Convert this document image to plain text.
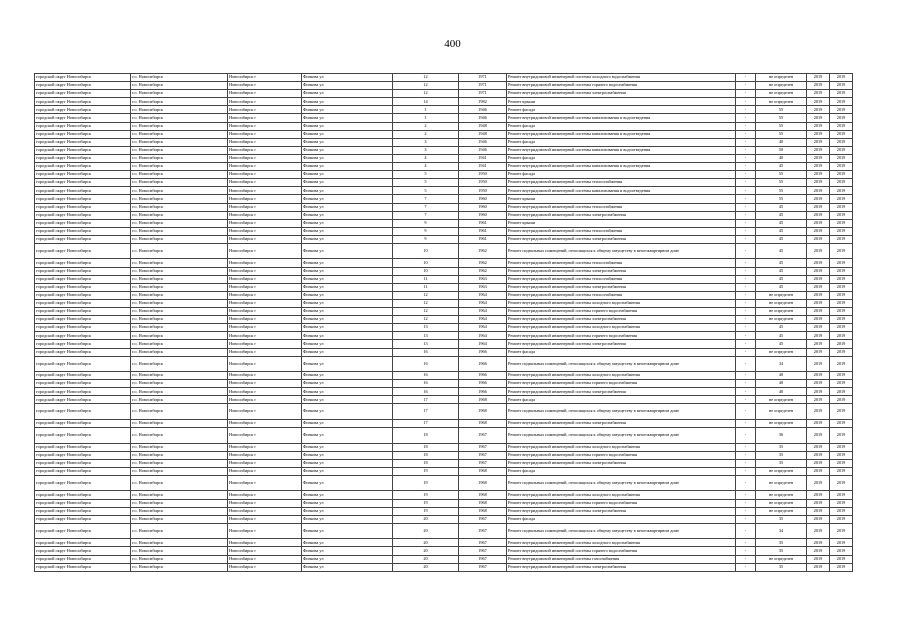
400
городской округ Новосибирск	г.о. Новосибирск	Новосибирск г	Физкова ул	12	1971	Ремонт внутридомовой инженерной системы холодного водоснабжения	-	не определен	2019	2019
городской округ Новосибирск	г.о. Новосибирск	Новосибирск г	Физкова ул	12	1971	Ремонт внутридомовой инженерной системы горячего водоснабжения	-	не определен	2019	2019
городской округ Новосибирск	г.о. Новосибирск	Новосибирск г	Физкова ул	12	1971	Ремонт внутридомовой инженерной системы электроснабжения	-	не определен	2019	2019
городской округ Новосибирск	г.о. Новосибирск	Новосибирск г	Физкова ул	14	1982	Ремонт крыши	-	не определен	2019	2019
городской округ Новосибирск	г.о. Новосибирск	Новосибирск г	Физкова ул	1	1946	Ремонт фасада	-	55	2019	2019
городской округ Новосибирск	г.о. Новосибирск	Новосибирск г	Физкова ул	1	1946	Ремонт внутридомовой инженерной системы канализования и водоотведения	-	55	2019	2019
городской округ Новосибирск	г.о. Новосибирск	Новосибирск г	Физкова ул	2	1948	Ремонт фасада	-	55	2019	2019
городской округ Новосибирск	г.о. Новосибирск	Новосибирск г	Физкова ул	2	1948	Ремонт внутридомовой инженерной системы канализования и водоотведения	-	55	2019	2019
городской округ Новосибирск	г.о. Новосибирск	Новосибирск г	Физкова ул	3	1946	Ремонт фасада	-	40	2019	2019
городской округ Новосибирск	г.о. Новосибирск	Новосибирск г	Физкова ул	3	1946	Ремонт внутридомовой инженерной системы канализования и водоотведения	-	50	2019	2019
городской округ Новосибирск	г.о. Новосибирск	Новосибирск г	Физкова ул	4	1941	Ремонт фасада	-	40	2019	2019
городской округ Новосибирск	г.о. Новосибирск	Новосибирск г	Физкова ул	4	1941	Ремонт внутридомовой инженерной системы канализования и водоотведения	-	45	2019	2019
городской округ Новосибирск	г.о. Новосибирск	Новосибирск г	Физкова ул	5	1950	Ремонт фасада	-	55	2019	2019
городской округ Новосибирск	г.о. Новосибирск	Новосибирск г	Физкова ул	5	1950	Ремонт внутридомовой инженерной системы теплоснабжения	-	55	2019	2019
городской округ Новосибирск	г.о. Новосибирск	Новосибирск г	Физкова ул	5	1950	Ремонт внутридомовой инженерной системы канализования и водоотведения	-	55	2019	2019
городской округ Новосибирск	г.о. Новосибирск	Новосибирск г	Физкова ул	7	1960	Ремонт крыши	-	55	2019	2019
городской округ Новосибирск	г.о. Новосибирск	Новосибирск г	Физкова ул	7	1960	Ремонт внутридомовой инженерной системы теплоснабжения	-	45	2019	2019
городской округ Новосибирск	г.о. Новосибирск	Новосибирск г	Физкова ул	7	1960	Ремонт внутридомовой инженерной системы электроснабжения	-	45	2019	2019
городской округ Новосибирск	г.о. Новосибирск	Новосибирск г	Физкова ул	9	1961	Ремонт крыши	-	45	2019	2019
городской округ Новосибирск	г.о. Новосибирск	Новосибирск г	Физкова ул	9	1961	Ремонт внутридомовой инженерной системы теплоснабжения	-	45	2019	2019
городской округ Новосибирск	г.о. Новосибирск	Новосибирск г	Физкова ул	9	1961	Ремонт внутридомовой инженерной системы электроснабжения	-	45	2019	2019
городской округ Новосибирск	г.о. Новосибирск	Новосибирск г	Физкова ул	10	1962	Ремонт подвальных помещений, относящихся к общему имуществу в многоквартирном доме	-	45	2019	2019
городской округ Новосибирск	г.о. Новосибирск	Новосибирск г	Физкова ул	10	1962	Ремонт внутридомовой инженерной системы теплоснабжения	-	45	2019	2019
городской округ Новосибирск	г.о. Новосибирск	Новосибирск г	Физкова ул	10	1962	Ремонт внутридомовой инженерной системы электроснабжения	-	45	2019	2019
городской округ Новосибирск	г.о. Новосибирск	Новосибирск г	Физкова ул	11	1963	Ремонт внутридомовой инженерной системы теплоснабжения	-	45	2019	2019
городской округ Новосибирск	г.о. Новосибирск	Новосибирск г	Физкова ул	11	1963	Ремонт внутридомовой инженерной системы электроснабжения	-	45	2019	2019
городской округ Новосибирск	г.о. Новосибирск	Новосибирск г	Физкова ул	12	1964	Ремонт внутридомовой инженерной системы теплоснабжения	-	не определен	2019	2019
городской округ Новосибирск	г.о. Новосибирск	Новосибирск г	Физкова ул	12	1964	Ремонт внутридомовой инженерной системы холодного водоснабжения	-	не определен	2019	2019
городской округ Новосибирск	г.о. Новосибирск	Новосибирск г	Физкова ул	12	1964	Ремонт внутридомовой инженерной системы горячего водоснабжения	-	не определен	2019	2019
городской округ Новосибирск	г.о. Новосибирск	Новосибирск г	Физкова ул	12	1964	Ремонт внутридомовой инженерной системы электроснабжения	-	не определен	2019	2019
городской округ Новосибирск	г.о. Новосибирск	Новосибирск г	Физкова ул	13	1964	Ремонт внутридомовой инженерной системы холодного водоснабжения	-	45	2019	2019
городской округ Новосибирск	г.о. Новосибирск	Новосибирск г	Физкова ул	13	1964	Ремонт внутридомовой инженерной системы горячего водоснабжения	-	45	2019	2019
городской округ Новосибирск	г.о. Новосибирск	Новосибирск г	Физкова ул	13	1964	Ремонт внутридомовой инженерной системы электроснабжения	-	45	2019	2019
городской округ Новосибирск	г.о. Новосибирск	Новосибирск г	Физкова ул	16	1966	Ремонт фасада	-	не определен	2019	2019
городской округ Новосибирск	г.о. Новосибирск	Новосибирск г	Физкова ул	16	1966	Ремонт подвальных помещений, относящихся к общему имуществу в многоквартирном доме	-	34	2019	2019
городской округ Новосибирск	г.о. Новосибирск	Новосибирск г	Физкова ул	16	1966	Ремонт внутридомовой инженерной системы холодного водоснабжения	-	40	2019	2019
городской округ Новосибирск	г.о. Новосибирск	Новосибирск г	Физкова ул	16	1966	Ремонт внутридомовой инженерной системы горячего водоснабжения	-	40	2019	2019
городской округ Новосибирск	г.о. Новосибирск	Новосибирск г	Физкова ул	16	1966	Ремонт внутридомовой инженерной системы электроснабжения	-	40	2019	2019
городской округ Новосибирск	г.о. Новосибирск	Новосибирск г	Физкова ул	17	1968	Ремонт фасада	-	не определен	2019	2019
городской округ Новосибирск	г.о. Новосибирск	Новосибирск г	Физкова ул	17	1968	Ремонт подвальных помещений, относящихся к общему имуществу в многоквартирном доме	-	не определен	2019	2019
городской округ Новосибирск	г.о. Новосибирск	Новосибирск г	Физкова ул	17	1968	Ремонт внутридомовой инженерной системы электроснабжения	-	не определен	2019	2019
городской округ Новосибирск	г.о. Новосибирск	Новосибирск г	Физкова ул	18	1967	Ремонт подвальных помещений, относящихся к общему имуществу в многоквартирном доме	-	36	2019	2019
городской округ Новосибирск	г.о. Новосибирск	Новосибирск г	Физкова ул	18	1967	Ремонт внутридомовой инженерной системы холодного водоснабжения	-	35	2019	2019
городской округ Новосибирск	г.о. Новосибирск	Новосибирск г	Физкова ул	18	1967	Ремонт внутридомовой инженерной системы горячего водоснабжения	-	35	2019	2019
городской округ Новосибирск	г.о. Новосибирск	Новосибирск г	Физкова ул	18	1967	Ремонт внутридомовой инженерной системы электроснабжения	-	35	2019	2019
городской округ Новосибирск	г.о. Новосибирск	Новосибирск г	Физкова ул	19	1968	Ремонт фасада	-	не определен	2019	2019
городской округ Новосибирск	г.о. Новосибирск	Новосибирск г	Физкова ул	19	1968	Ремонт подвальных помещений, относящихся к общему имуществу в многоквартирном доме	-	не определен	2019	2019
городской округ Новосибирск	г.о. Новосибирск	Новосибирск г	Физкова ул	19	1968	Ремонт внутридомовой инженерной системы холодного водоснабжения	-	не определен	2019	2019
городской округ Новосибирск	г.о. Новосибирск	Новосибирск г	Физкова ул	19	1968	Ремонт внутридомовой инженерной системы горячего водоснабжения	-	не определен	2019	2019
городской округ Новосибирск	г.о. Новосибирск	Новосибирск г	Физкова ул	19	1968	Ремонт внутридомовой инженерной системы электроснабжения	-	не определен	2019	2019
городской округ Новосибирск	г.о. Новосибирск	Новосибирск г	Физкова ул	20	1967	Ремонт фасада	-	35	2019	2019
городской округ Новосибирск	г.о. Новосибирск	Новосибирск г	Физкова ул	20	1967	Ремонт подвальных помещений, относящихся к общему имуществу в многоквартирном доме	-	34	2019	2019
городской округ Новосибирск	г.о. Новосибирск	Новосибирск г	Физкова ул	20	1967	Ремонт внутридомовой инженерной системы холодного водоснабжения	-	35	2019	2019
городской округ Новосибирск	г.о. Новосибирск	Новосибирск г	Физкова ул	20	1967	Ремонт внутридомовой инженерной системы горячего водоснабжения	-	35	2019	2019
городской округ Новосибирск	г.о. Новосибирск	Новосибирск г	Физкова ул	20	1967	Ремонт внутридомовой инженерной системы газоснабжения	-	не определен	2019	2019
городской округ Новосибирск	г.о. Новосибирск	Новосибирск г	Физкова ул	20	1967	Ремонт внутридомовой инженерной системы электроснабжения	-	35	2019	2019
